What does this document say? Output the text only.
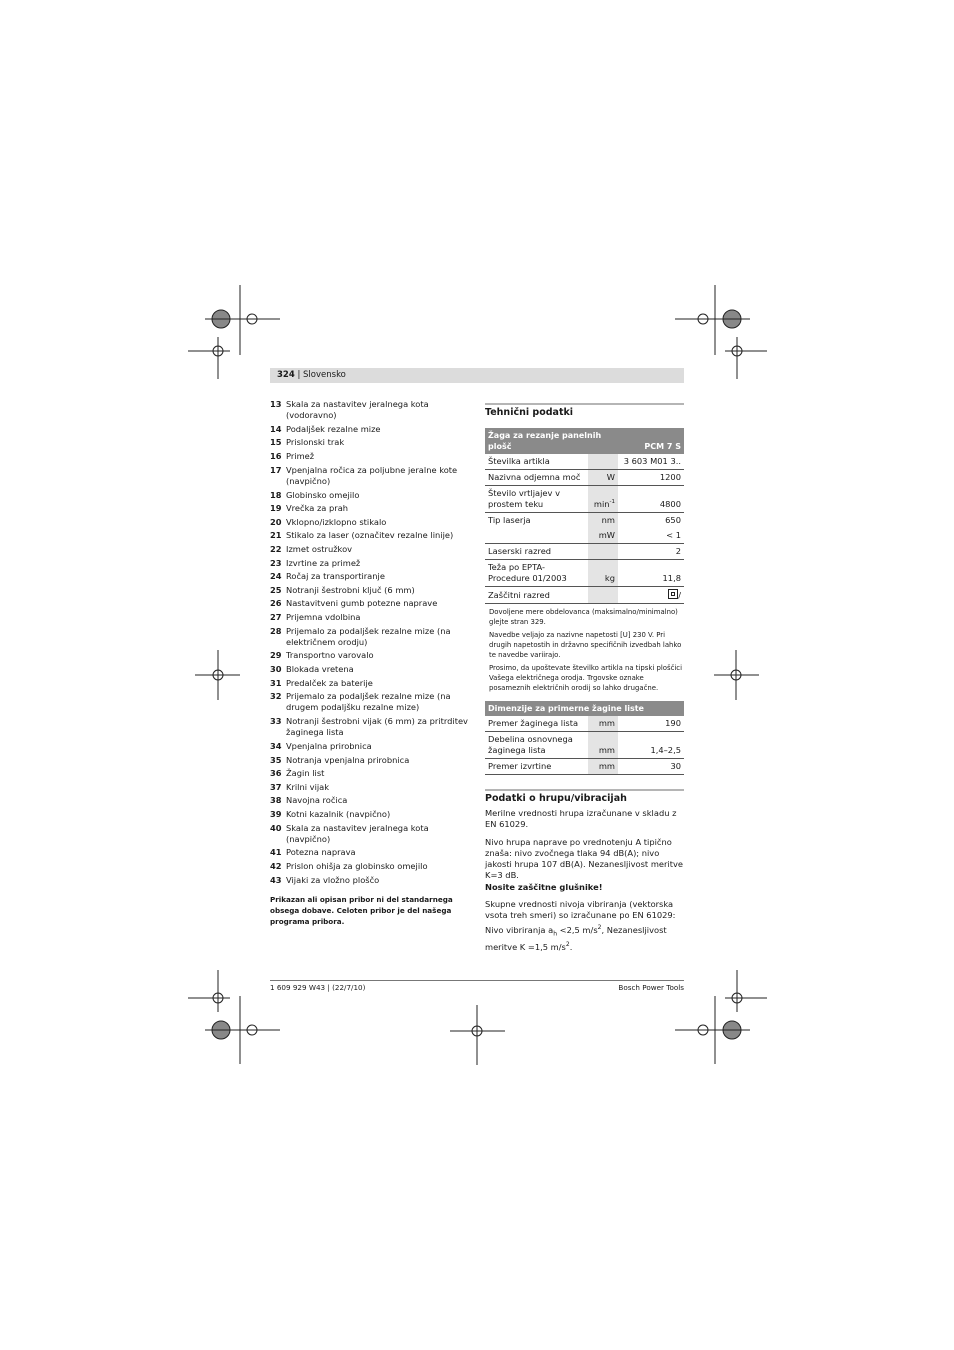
324 | Slovensko
13 Skala za nastavitev jeralnega kota (vodoravno)
14 Podaljšek rezalne mize
15 Prislonski trak
16 Primež
17 Vpenjalna ročica za poljubne jeralne kote (navpično)
18 Globinsko omejilo
19 Vrečka za prah
20 Vklopno/izklopno stikalo
21 Stikalo za laser (označitev rezalne linije)
22 Izmet ostružkov
23 Izvrtine za primež
24 Ročaj za transportiranje
25 Notranji šestrobni ključ (6 mm)
26 Nastavitveni gumb potezne naprave
27 Prijemna vdolbina
28 Prijemalo za podaljšek rezalne mize (na električnem orodju)
29 Transportno varovalo
30 Blokada vretena
31 Predalček za baterije
32 Prijemalo za podaljšek rezalne mize (na drugem podaljšku rezalne mize)
33 Notranji šestrobni vijak (6 mm) za pritrditev žaginega lista
34 Vpenjalna prirobnica
35 Notranja vpenjalna prirobnica
36 Žagin list
37 Krilni vijak
38 Navojna ročica
39 Kotni kazalnik (navpično)
40 Skala za nastavitev jeralnega kota (navpično)
41 Potezna naprava
42 Prislon ohišja za globinsko omejilo
43 Vijaki za vložno ploščo
Prikazan ali opisan pribor ni del standarnega obsega dobave. Celoten pribor je del našega programa pribora.
Tehnični podatki
Žaga za rezanje panelnih plošč		PCM 7 S
Številka artikla		3 603 M01 3..
Nazivna odjemna moč	W	1200
Število vrtljajev v prostem teku	$\min^{-1}$	4800
Tip laserja	nm	650
	mW	< 1
Laserski razred		2
Teža po EPTA-Procedure 01/2003	kg	11,8
Zaščitni razred		/
Dovoljene mere obdelovanca (maksimalno/minimalno) glejte stran 329.
Navedbe veljajo za nazivne napetosti [U] 230 V. Pri drugih napetostih in državno specifičnih izvedbah lahko te navedbe variirajo.
Prosimo, da upoštevate številko artikla na tipski ploščici Vašega električnega orodja. Trgovske oznake posameznih električnih orodij so lahko drugačne.
Dimenzije za primerne žagine liste		
Premer žaginega lista	mm	190
Debelina osnovnega žaginega lista	mm	1,4–2,5
Premer izvrtine	mm	30
Podatki o hrupu/vibracijah
Merilne vrednosti hrupa izračunane v skladu z EN 61029.
Nivo hrupa naprave po vrednotenju A tipično znaša: nivo zvočnega tlaka 94 dB(A); nivo jakosti hrupa 107 dB(A). Nezanesljivost meritve K=3 dB.
Nosite zaščitne glušnike!
Skupne vrednosti nivoja vibriranja (vektorska vsota treh smeri) so izračunane po EN 61029: Nivo vibriranja $a_h <2,5$ $m/s^2$, Nezanesljivost meritve K =1,5 $m/s^2$.
1 609 929 W43 | (22/7/10)	Bosch Power Tools
